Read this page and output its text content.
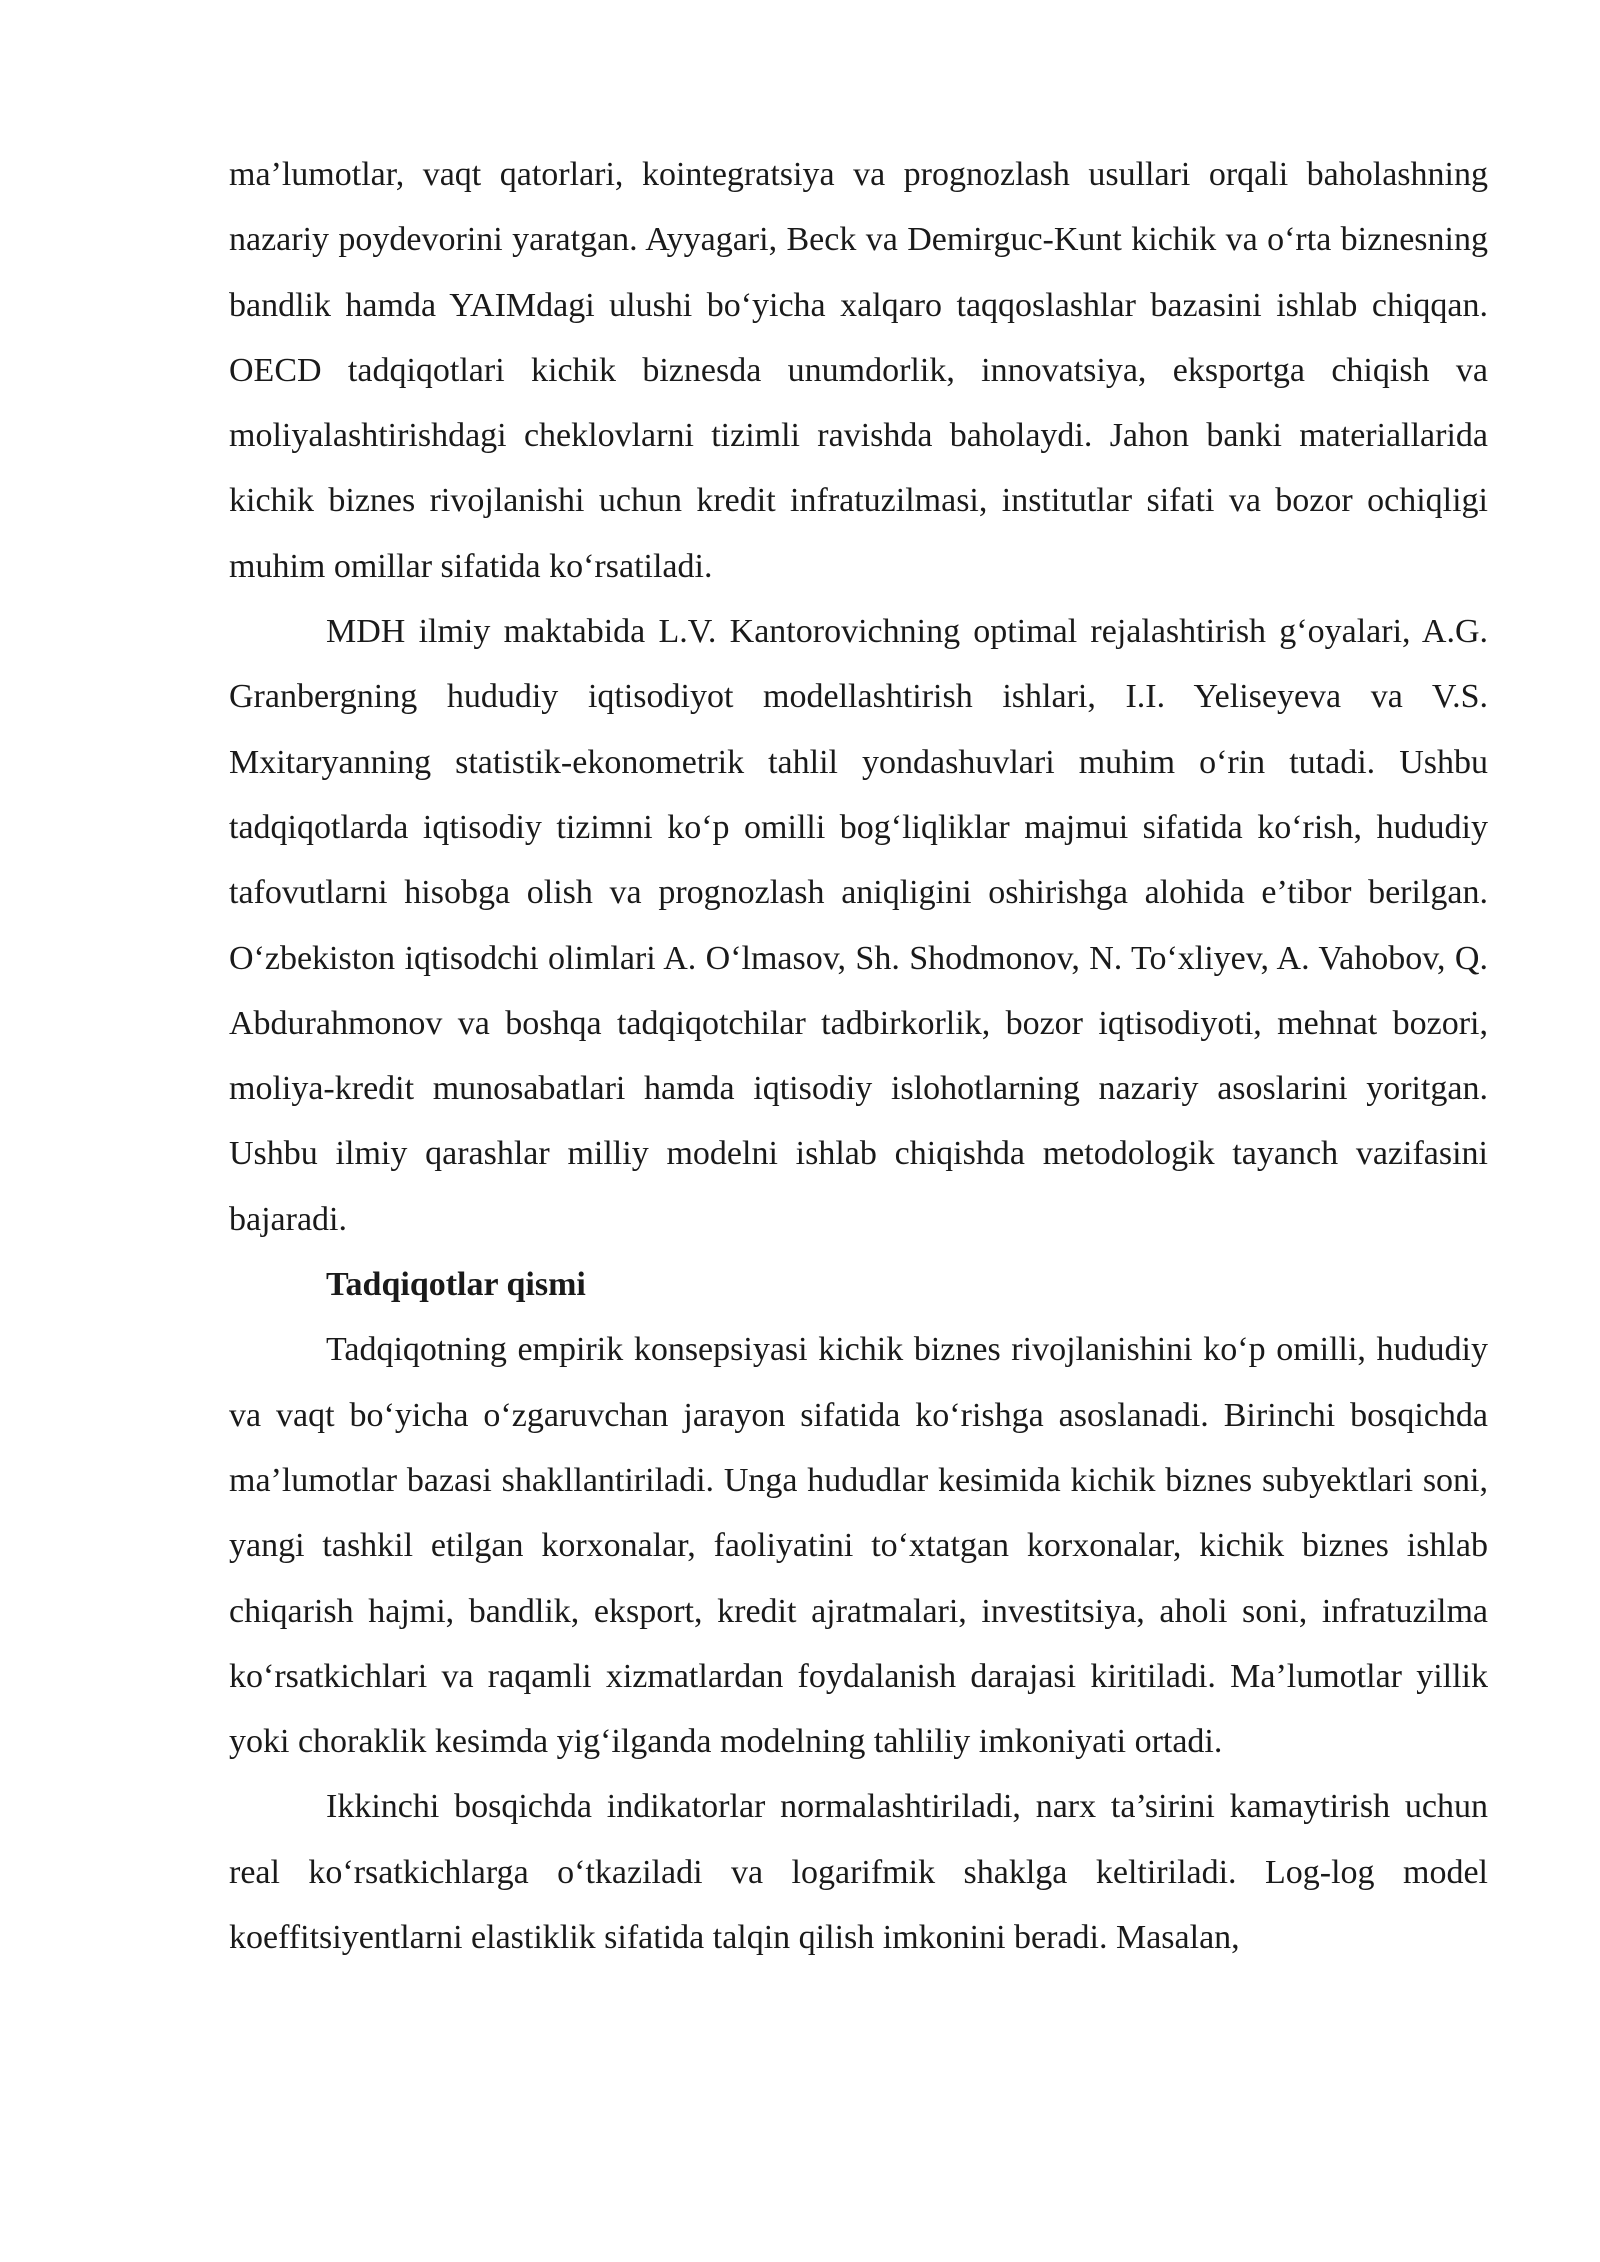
ma’lumotlar, vaqt qatorlari, kointegratsiya va prognozlash usullari orqali baholashning nazariy poydevorini yaratgan. Ayyagari, Beck va Demirguc-Kunt kichik va o‘rta biznesning bandlik hamda YAIMdagi ulushi bo‘yicha xalqaro taqqoslashlar bazasini ishlab chiqqan. OECD tadqiqotlari kichik biznesda unumdorlik, innovatsiya, eksportga chiqish va moliyalashtirishdagi cheklovlarni tizimli ravishda baholaydi. Jahon banki materiallarida kichik biznes rivojlanishi uchun kredit infratuzilmasi, institutlar sifati va bozor ochiqligi muhim omillar sifatida ko‘rsatiladi.

MDH ilmiy maktabida L.V. Kantorovichning optimal rejalashtirish g‘oyalari, A.G. Granbergning hududiy iqtisodiyot modellashtirish ishlari, I.I. Yeliseyeva va V.S. Mxitaryanning statistik-ekonometrik tahlil yondashuvlari muhim o‘rin tutadi. Ushbu tadqiqotlarda iqtisodiy tizimni ko‘p omilli bog‘liqliklar majmui sifatida ko‘rish, hududiy tafovutlarni hisobga olish va prognozlash aniqligini oshirishga alohida e’tibor berilgan. O‘zbekiston iqtisodchi olimlari A. O‘lmasov, Sh. Shodmonov, N. To‘xliyev, A. Vahobov, Q. Abdurahmonov va boshqa tadqiqotchilar tadbirkorlik, bozor iqtisodiyoti, mehnat bozori, moliya-kredit munosabatlari hamda iqtisodiy islohotlarning nazariy asoslarini yoritgan. Ushbu ilmiy qarashlar milliy modelni ishlab chiqishda metodologik tayanch vazifasini bajaradi.

Tadqiqotlar qismi

Tadqiqotning empirik konsepsiyasi kichik biznes rivojlanishini ko‘p omilli, hududiy va vaqt bo‘yicha o‘zgaruvchan jarayon sifatida ko‘rishga asoslanadi. Birinchi bosqichda ma’lumotlar bazasi shakllantiriladi. Unga hududlar kesimida kichik biznes subyektlari soni, yangi tashkil etilgan korxonalar, faoliyatini to‘xtatgan korxonalar, kichik biznes ishlab chiqarish hajmi, bandlik, eksport, kredit ajratmalari, investitsiya, aholi soni, infratuzilma ko‘rsatkichlari va raqamli xizmatlardan foydalanish darajasi kiritiladi. Ma’lumotlar yillik yoki choraklik kesimda yig‘ilganda modelning tahliliy imkoniyati ortadi.

Ikkinchi bosqichda indikatorlar normalashtiriladi, narx ta’sirini kamaytirish uchun real ko‘rsatkichlarga o‘tkaziladi va logarifmik shaklga keltiriladi. Log-log model koeffitsiyentlarni elastiklik sifatida talqin qilish imkonini beradi. Masalan,
